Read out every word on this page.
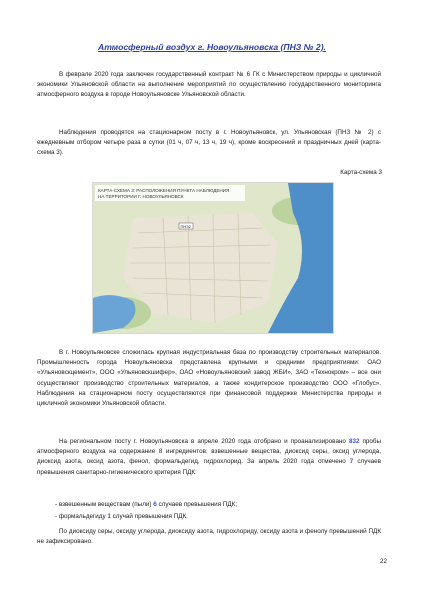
Атмосферный воздух г. Новоульяновска (ПНЗ № 2).

В феврале 2020 года заключен государственный контракт № 6 ГК с Министерством природы и цикличной экономики Ульяновской области на выполнение мероприятий по осуществлению государственного мониторинга атмосферного воздуха в городе Новоульяновске Ульяновской области.

Наблюдения проводятся на стационарном посту в г. Новоульяновск, ул. Ульяновская (ПНЗ № 2) с ежедневным отбором четыре раза в сутки (01 ч, 07 ч, 13 ч, 19 ч), кроме воскресений и праздничных дней (карта-схема 3).

Карта-схема 3
КАРТА-СХЕМА 3: РАСПОЛОЖЕНИЯ ПУНКТА НАБЛЮДЕНИЯ
НА ТЕРРИТОРИИ Г. НОВОУЛЬЯНОВСК
ПНЗ2

В г. Новоульяновске сложилась крупная индустриальная база по производству строительных материалов. Промышленность города Новоульяновска представлена крупными и средними предприятиями: ОАО «Ульяновскцемент», ООО «Ульяновскшифер», ОАО «Новоульяновский завод ЖБИ», ЗАО «Технокром» – все они осуществляют производство строительных материалов, а также кондитерское производство ООО «Глобус». Наблюдения на стационарном посту осуществляются при финансовой поддержке Министерства природы и цикличной экономики Ульяновской области.

На региональном посту г. Новоульяновска в апреле 2020 года отобрано и проанализировано 832 пробы атмосферного воздуха на содержание 8 ингредиентов: взвешенные вещества, диоксид серы, оксид углерода, диоксид азота, оксид азота, фенол, формальдегид, гидрохлорид. За апрель 2020 года отмечено 7 случаев превышения санитарно-гигиенического критерия ПДК:

- взвешенным веществам (пыли) 6 случаев превышения ПДК;
- формальдегиду 1 случай превышения ПДК.

По диоксиду серы, оксиду углерода, диоксиду азота, гидрохлориду, оксиду азота и фенолу превышений ПДК не зафиксировано.

22
